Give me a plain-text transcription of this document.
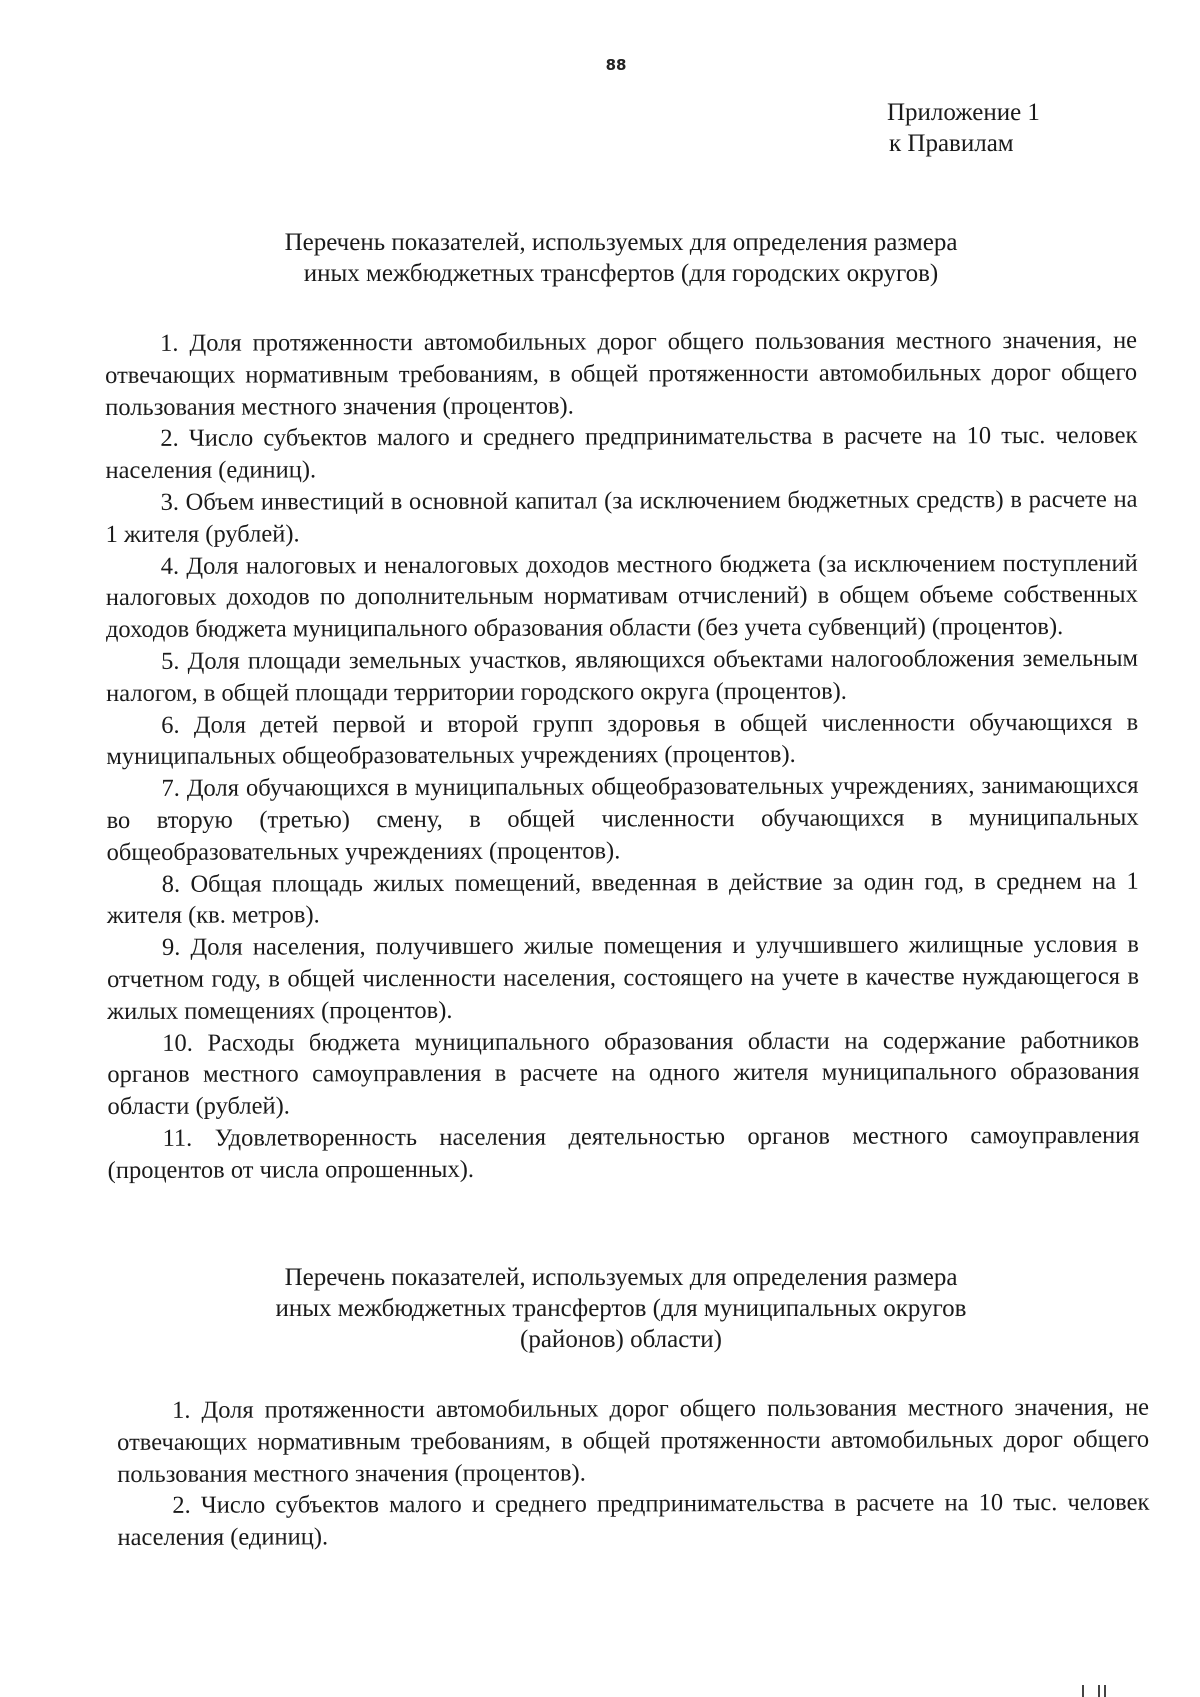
88
Приложение 1
к Правилам
Перечень показателей, используемых для определения размера
иных межбюджетных трансфертов (для городских округов)

1. Доля протяженности автомобильных дорог общего пользования местного значения, не отвечающих нормативным требованиям, в общей протяженности автомобильных дорог общего пользования местного значения (процентов).

2. Число субъектов малого и среднего предпринимательства в расчете на 10 тыс. человек населения (единиц).

3. Объем инвестиций в основной капитал (за исключением бюджетных средств) в расчете на 1 жителя (рублей).

4. Доля налоговых и неналоговых доходов местного бюджета (за исключением поступлений налоговых доходов по дополнительным нормативам отчислений) в общем объеме собственных доходов бюджета муниципального образования области (без учета субвенций) (процентов).

5. Доля площади земельных участков, являющихся объектами налогообложения земельным налогом, в общей площади территории городского округа (процентов).

6. Доля детей первой и второй групп здоровья в общей численности обучающихся в муниципальных общеобразовательных учреждениях (процентов).

7. Доля обучающихся в муниципальных общеобразовательных учреждениях, занимающихся во вторую (третью) смену, в общей численности обучающихся в муниципальных общеобразовательных учреждениях (процентов).

8. Общая площадь жилых помещений, введенная в действие за один год, в среднем на 1 жителя (кв. метров).

9. Доля населения, получившего жилые помещения и улучшившего жилищные условия в отчетном году, в общей численности населения, состоящего на учете в качестве нуждающегося в жилых помещениях (процентов).

10. Расходы бюджета муниципального образования области на содержание работников органов местного самоуправления в расчете на одного жителя муниципального образования области (рублей).

11. Удовлетворенность населения деятельностью органов местного самоуправления (процентов от числа опрошенных).

Перечень показателей, используемых для определения размера
иных межбюджетных трансфертов (для муниципальных округов
(районов) области)

1. Доля протяженности автомобильных дорог общего пользования местного значения, не отвечающих нормативным требованиям, в общей протяженности автомобильных дорог общего пользования местного значения (процентов).

2. Число субъектов малого и среднего предпринимательства в расчете на 10 тыс. человек населения (единиц).
